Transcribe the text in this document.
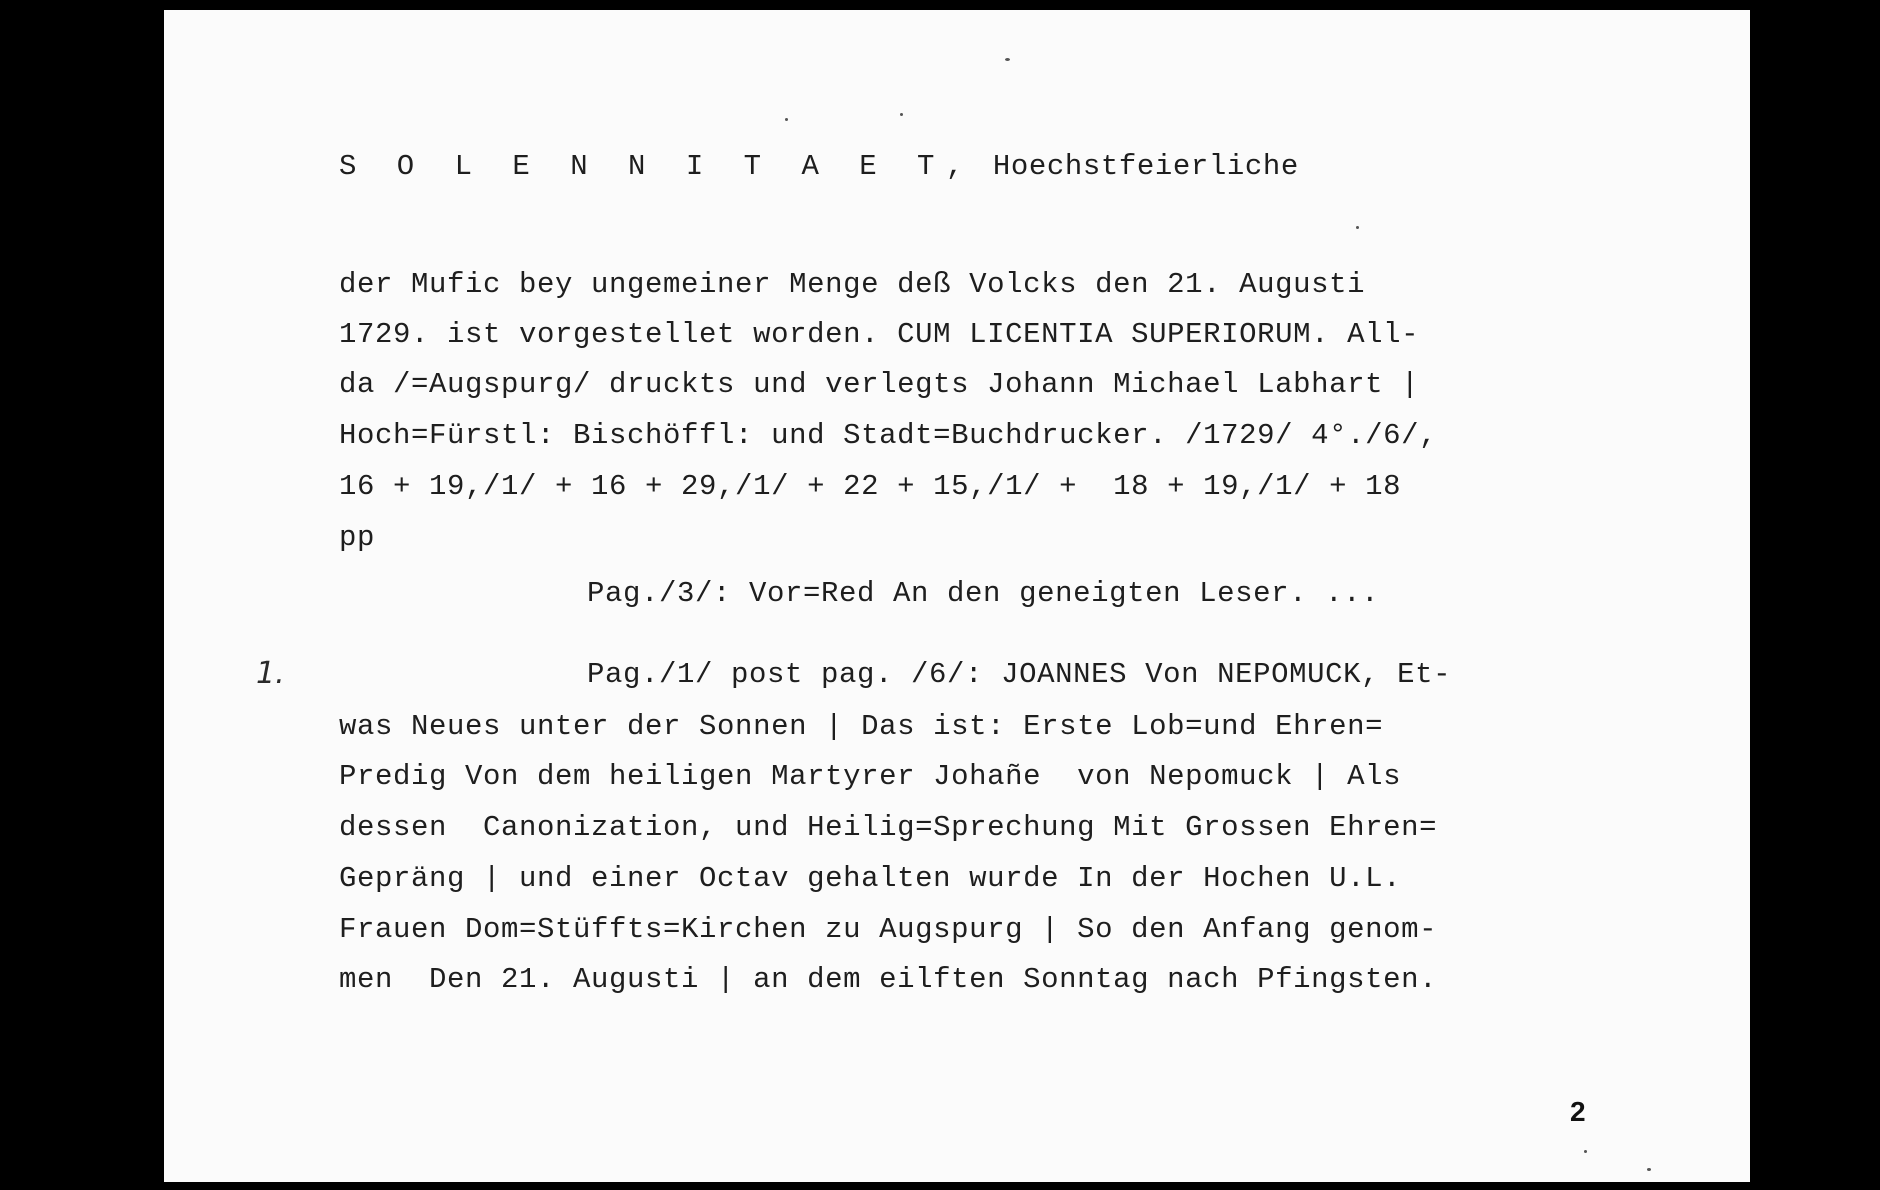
S O L E N N I T A E T, Hoechstfeierliche
der Mufic bey ungemeiner Menge deß Volcks den 21. Augusti
1729. ist vorgestellet worden. CUM LICENTIA SUPERIORUM. All-
da /=Augspurg/ druckts und verlegts Johann Michael Labhart |
Hoch=Fürstl: Bischöffl: und Stadt=Buchdrucker. /1729/ 4°./6/,
16 + 19,/1/ + 16 + 29,/1/ + 22 + 15,/1/ +  18 + 19,/1/ + 18
pp
Pag./3/: Vor=Red An den geneigten Leser. ...
1.	Pag./1/ post pag. /6/: JOANNES Von NEPOMUCK, Et-
was Neues unter der Sonnen | Das ist: Erste Lob=und Ehren=
Predig Von dem heiligen Martyrer Johañe  von Nepomuck | Als
dessen  Canonization, und Heilig=Sprechung Mit Grossen Ehren=
Gepräng | und einer Octav gehalten wurde In der Hochen U.L.
Frauen Dom=Stüffts=Kirchen zu Augspurg | So den Anfang genom-
men  Den 21. Augusti | an dem eilften Sonntag nach Pfingsten.
2
